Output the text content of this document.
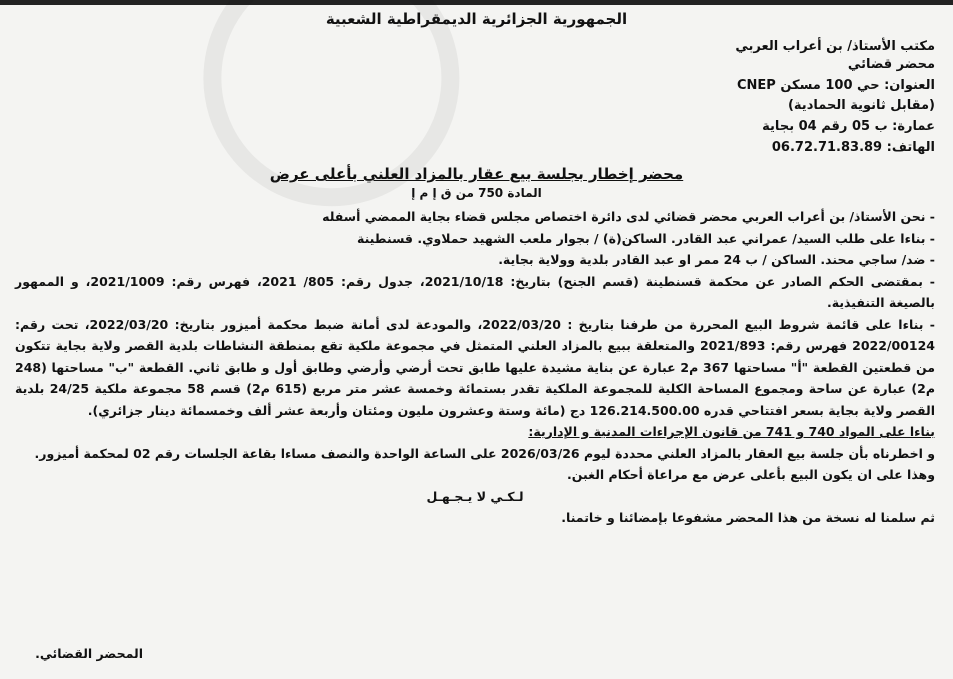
الجمهورية الجزائرية الديمقراطية الشعبية
مكتب الأستاذ/ بن أعراب العربي
محضر قضائي
العنوان: حي 100 مسكن CNEP
(مقابل ثانوية الحمادية)
عمارة: ب 05 رقم 04 بجاية
الهاتف: 06.72.71.83.89
محضر إخطار بجلسة بيع عقار بالمزاد العلني بأعلى عرض
المادة 750 من ق إ م إ

- نحن الأستاذ/ بن أعراب العربي محضر قضائي لدى دائرة اختصاص مجلس قضاء بجاية الممضي أسفله

- بناءا على طلب السيد/ عمراني عبد القادر. الساكن(ة) / بجوار ملعب الشهيد حملاوي. قسنطينة

- ضد/ ساجي محند. الساكن / ب 24 ممر او عبد القادر بلدية وولاية بجاية.

- بمقتضى الحكم الصادر عن محكمة قسنطينة (قسم الجنح) بتاريخ: 2021/10/18، جدول رقم: 805/ 2021، فهرس رقم: 2021/1009، و الممهور بالصيغة التنفيذية.

- بناءا على قائمة شروط البيع المحررة من طرفنا بتاريخ : 2022/03/20، والمودعة لدى أمانة ضبط محكمة أميزور بتاريخ: 2022/03/20، تحت رقم: 2022/00124 فهرس رقم: 2021/893 والمتعلقة ببيع بالمزاد العلني المتمثل في مجموعة ملكية تقع بمنطقة النشاطات بلدية القصر ولاية بجاية تتكون من قطعتين القطعة "أ" مساحتها 367 م2 عبارة عن بناية مشيدة عليها طابق تحت أرضي وأرضي وطابق أول و طابق ثاني. القطعة "ب" مساحتها (248 م2) عبارة عن ساحة ومجموع المساحة الكلية للمجموعة الملكية تقدر بستمائة وخمسة عشر متر مربع (615 م2) قسم 58 مجموعة ملكية 24/25 بلدية القصر ولاية بجاية بسعر افتتاحي قدره 126.214.500.00 دج (مائة وستة وعشرون مليون ومئتان وأربعة عشر ألف وخمسمائة دينار جزائري).

بناءا على المواد 740 و 741 من قانون الإجراءات المدنية و الإدارية:

و اخطرناه بأن جلسة بيع العقار بالمزاد العلني محددة ليوم 2026/03/26 على الساعة الواحدة والنصف مساءا بقاعة الجلسات رقم 02 لمحكمة أميزور.

وهذا على ان يكون البيع بأعلى عرض مع مراعاة أحكام الغبن.

لـكـي لا يـجـهـل

ثم سلمنا له نسخة من هذا المحضر مشفوعا بإمضائنا و خاتمنا.

المحضر القضائي.
